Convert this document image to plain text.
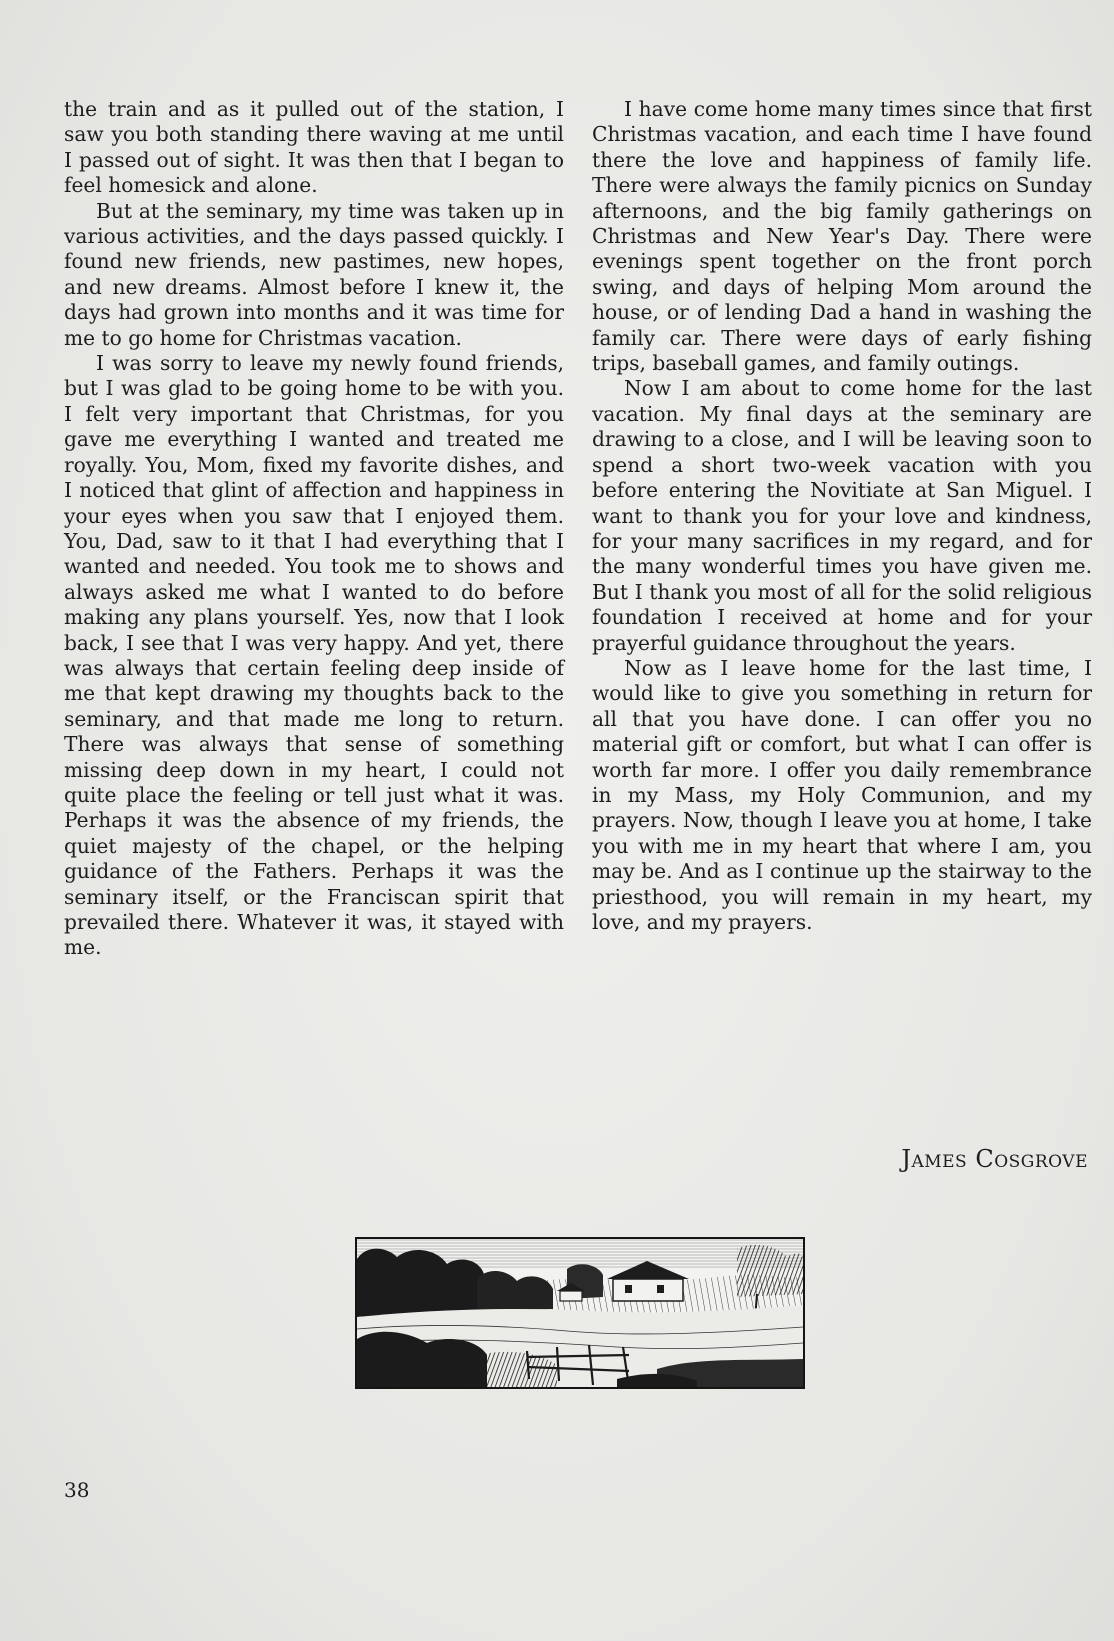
the train and as it pulled out of the station, I saw you both standing there waving at me until I passed out of sight. It was then that I began to feel homesick and alone.

But at the seminary, my time was taken up in various activities, and the days passed quickly. I found new friends, new pastimes, new hopes, and new dreams. Almost before I knew it, the days had grown into months and it was time for me to go home for Christmas vacation.

I was sorry to leave my newly found friends, but I was glad to be going home to be with you. I felt very important that Christmas, for you gave me everything I wanted and treated me royally. You, Mom, fixed my favorite dishes, and I noticed that glint of affection and happiness in your eyes when you saw that I enjoyed them. You, Dad, saw to it that I had everything that I wanted and needed. You took me to shows and always asked me what I wanted to do before making any plans yourself. Yes, now that I look back, I see that I was very happy. And yet, there was always that certain feeling deep inside of me that kept drawing my thoughts back to the seminary, and that made me long to return. There was always that sense of something missing deep down in my heart, I could not quite place the feeling or tell just what it was. Perhaps it was the absence of my friends, the quiet majesty of the chapel, or the helping guidance of the Fathers. Perhaps it was the seminary itself, or the Franciscan spirit that prevailed there. Whatever it was, it stayed with me.

I have come home many times since that first Christmas vacation, and each time I have found there the love and happiness of family life. There were always the family picnics on Sunday afternoons, and the big family gatherings on Christmas and New Year's Day. There were evenings spent together on the front porch swing, and days of helping Mom around the house, or of lending Dad a hand in washing the family car. There were days of early fishing trips, baseball games, and family outings.

Now I am about to come home for the last vacation. My final days at the seminary are drawing to a close, and I will be leaving soon to spend a short two-week vacation with you before entering the Novitiate at San Miguel. I want to thank you for your love and kindness, for your many sacrifices in my regard, and for the many wonderful times you have given me. But I thank you most of all for the solid religious foundation I received at home and for your prayerful guidance throughout the years.

Now as I leave home for the last time, I would like to give you something in return for all that you have done. I can offer you no material gift or comfort, but what I can offer is worth far more. I offer you daily remembrance in my Mass, my Holy Communion, and my prayers. Now, though I leave you at home, I take you with me in my heart that where I am, you may be. And as I continue up the stairway to the priesthood, you will remain in my heart, my love, and my prayers.

James Cosgrove
38
